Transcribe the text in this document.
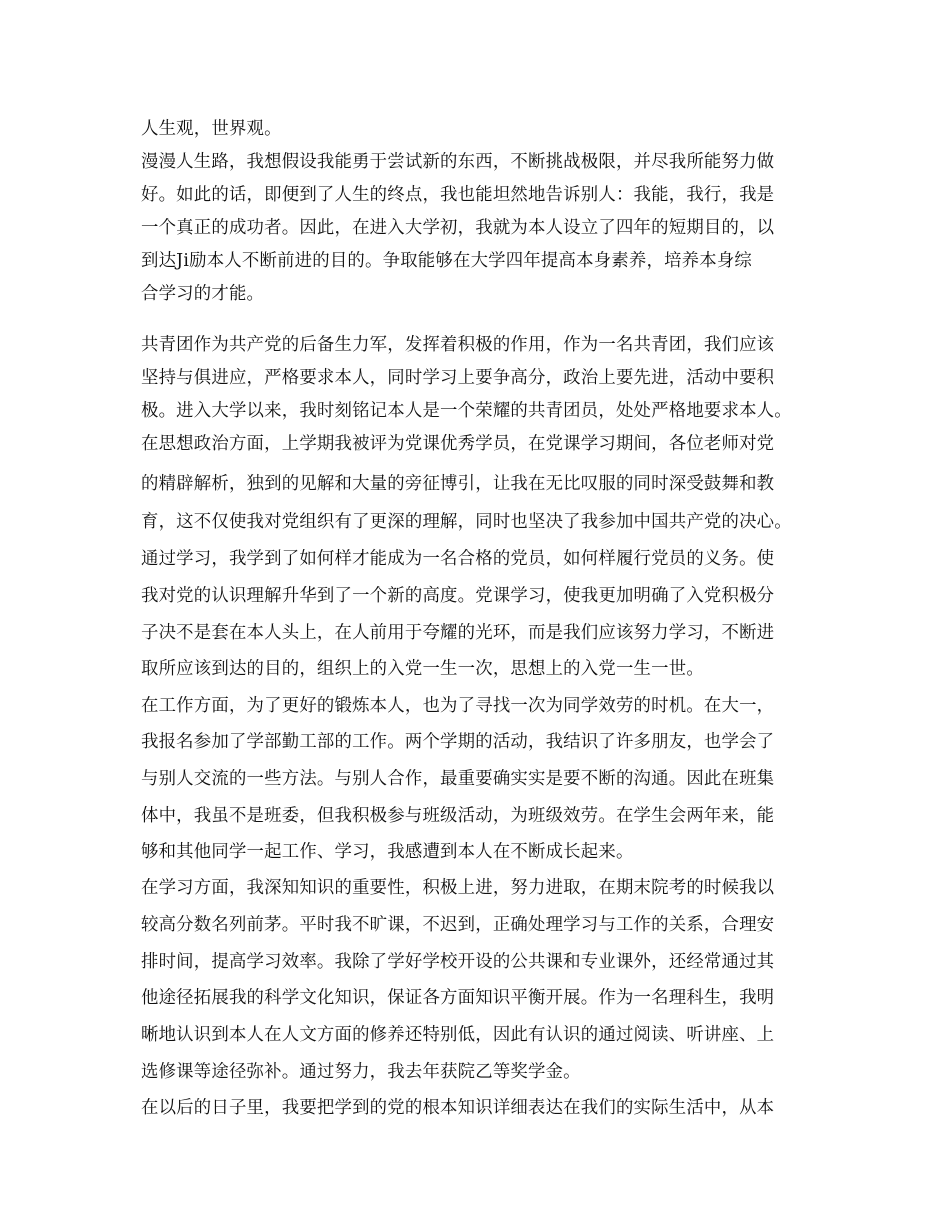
人生观，世界观。
漫漫人生路，我想假设我能勇于尝试新的东西，不断挑战极限，并尽我所能努力做
好。如此的话，即便到了人生的终点，我也能坦然地告诉别人：我能，我行，我是
一个真正的成功者。因此，在进入大学初，我就为本人设立了四年的短期目的，以
到达Ji励本人不断前进的目的。争取能够在大学四年提高本身素养，培养本身综
合学习的才能。
共青团作为共产党的后备生力军，发挥着积极的作用，作为一名共青团，我们应该
坚持与俱进应，严格要求本人，同时学习上要争高分，政治上要先进，活动中要积
极。进入大学以来，我时刻铭记本人是一个荣耀的共青团员，处处严格地要求本人。
在思想政治方面，上学期我被评为党课优秀学员，在党课学习期间，各位老师对党
的精辟解析，独到的见解和大量的旁征博引，让我在无比叹服的同时深受鼓舞和教
育，这不仅使我对党组织有了更深的理解，同时也坚决了我参加中国共产党的决心。
通过学习，我学到了如何样才能成为一名合格的党员，如何样履行党员的义务。使
我对党的认识理解升华到了一个新的高度。党课学习，使我更加明确了入党积极分
子决不是套在本人头上，在人前用于夸耀的光环，而是我们应该努力学习，不断进
取所应该到达的目的，组织上的入党一生一次，思想上的入党一生一世。
在工作方面，为了更好的锻炼本人，也为了寻找一次为同学效劳的时机。在大一，
我报名参加了学部勤工部的工作。两个学期的活动，我结识了许多朋友，也学会了
与别人交流的一些方法。与别人合作，最重要确实实是要不断的沟通。因此在班集
体中，我虽不是班委，但我积极参与班级活动，为班级效劳。在学生会两年来，能
够和其他同学一起工作、学习，我感遭到本人在不断成长起来。
在学习方面，我深知知识的重要性，积极上进，努力进取，在期末院考的时候我以
较高分数名列前茅。平时我不旷课，不迟到，正确处理学习与工作的关系，合理安
排时间，提高学习效率。我除了学好学校开设的公共课和专业课外，还经常通过其
他途径拓展我的科学文化知识，保证各方面知识平衡开展。作为一名理科生，我明
晰地认识到本人在人文方面的修养还特别低，因此有认识的通过阅读、听讲座、上
选修课等途径弥补。通过努力，我去年获院乙等奖学金。
在以后的日子里，我要把学到的党的根本知识详细表达在我们的实际生活中，从本
